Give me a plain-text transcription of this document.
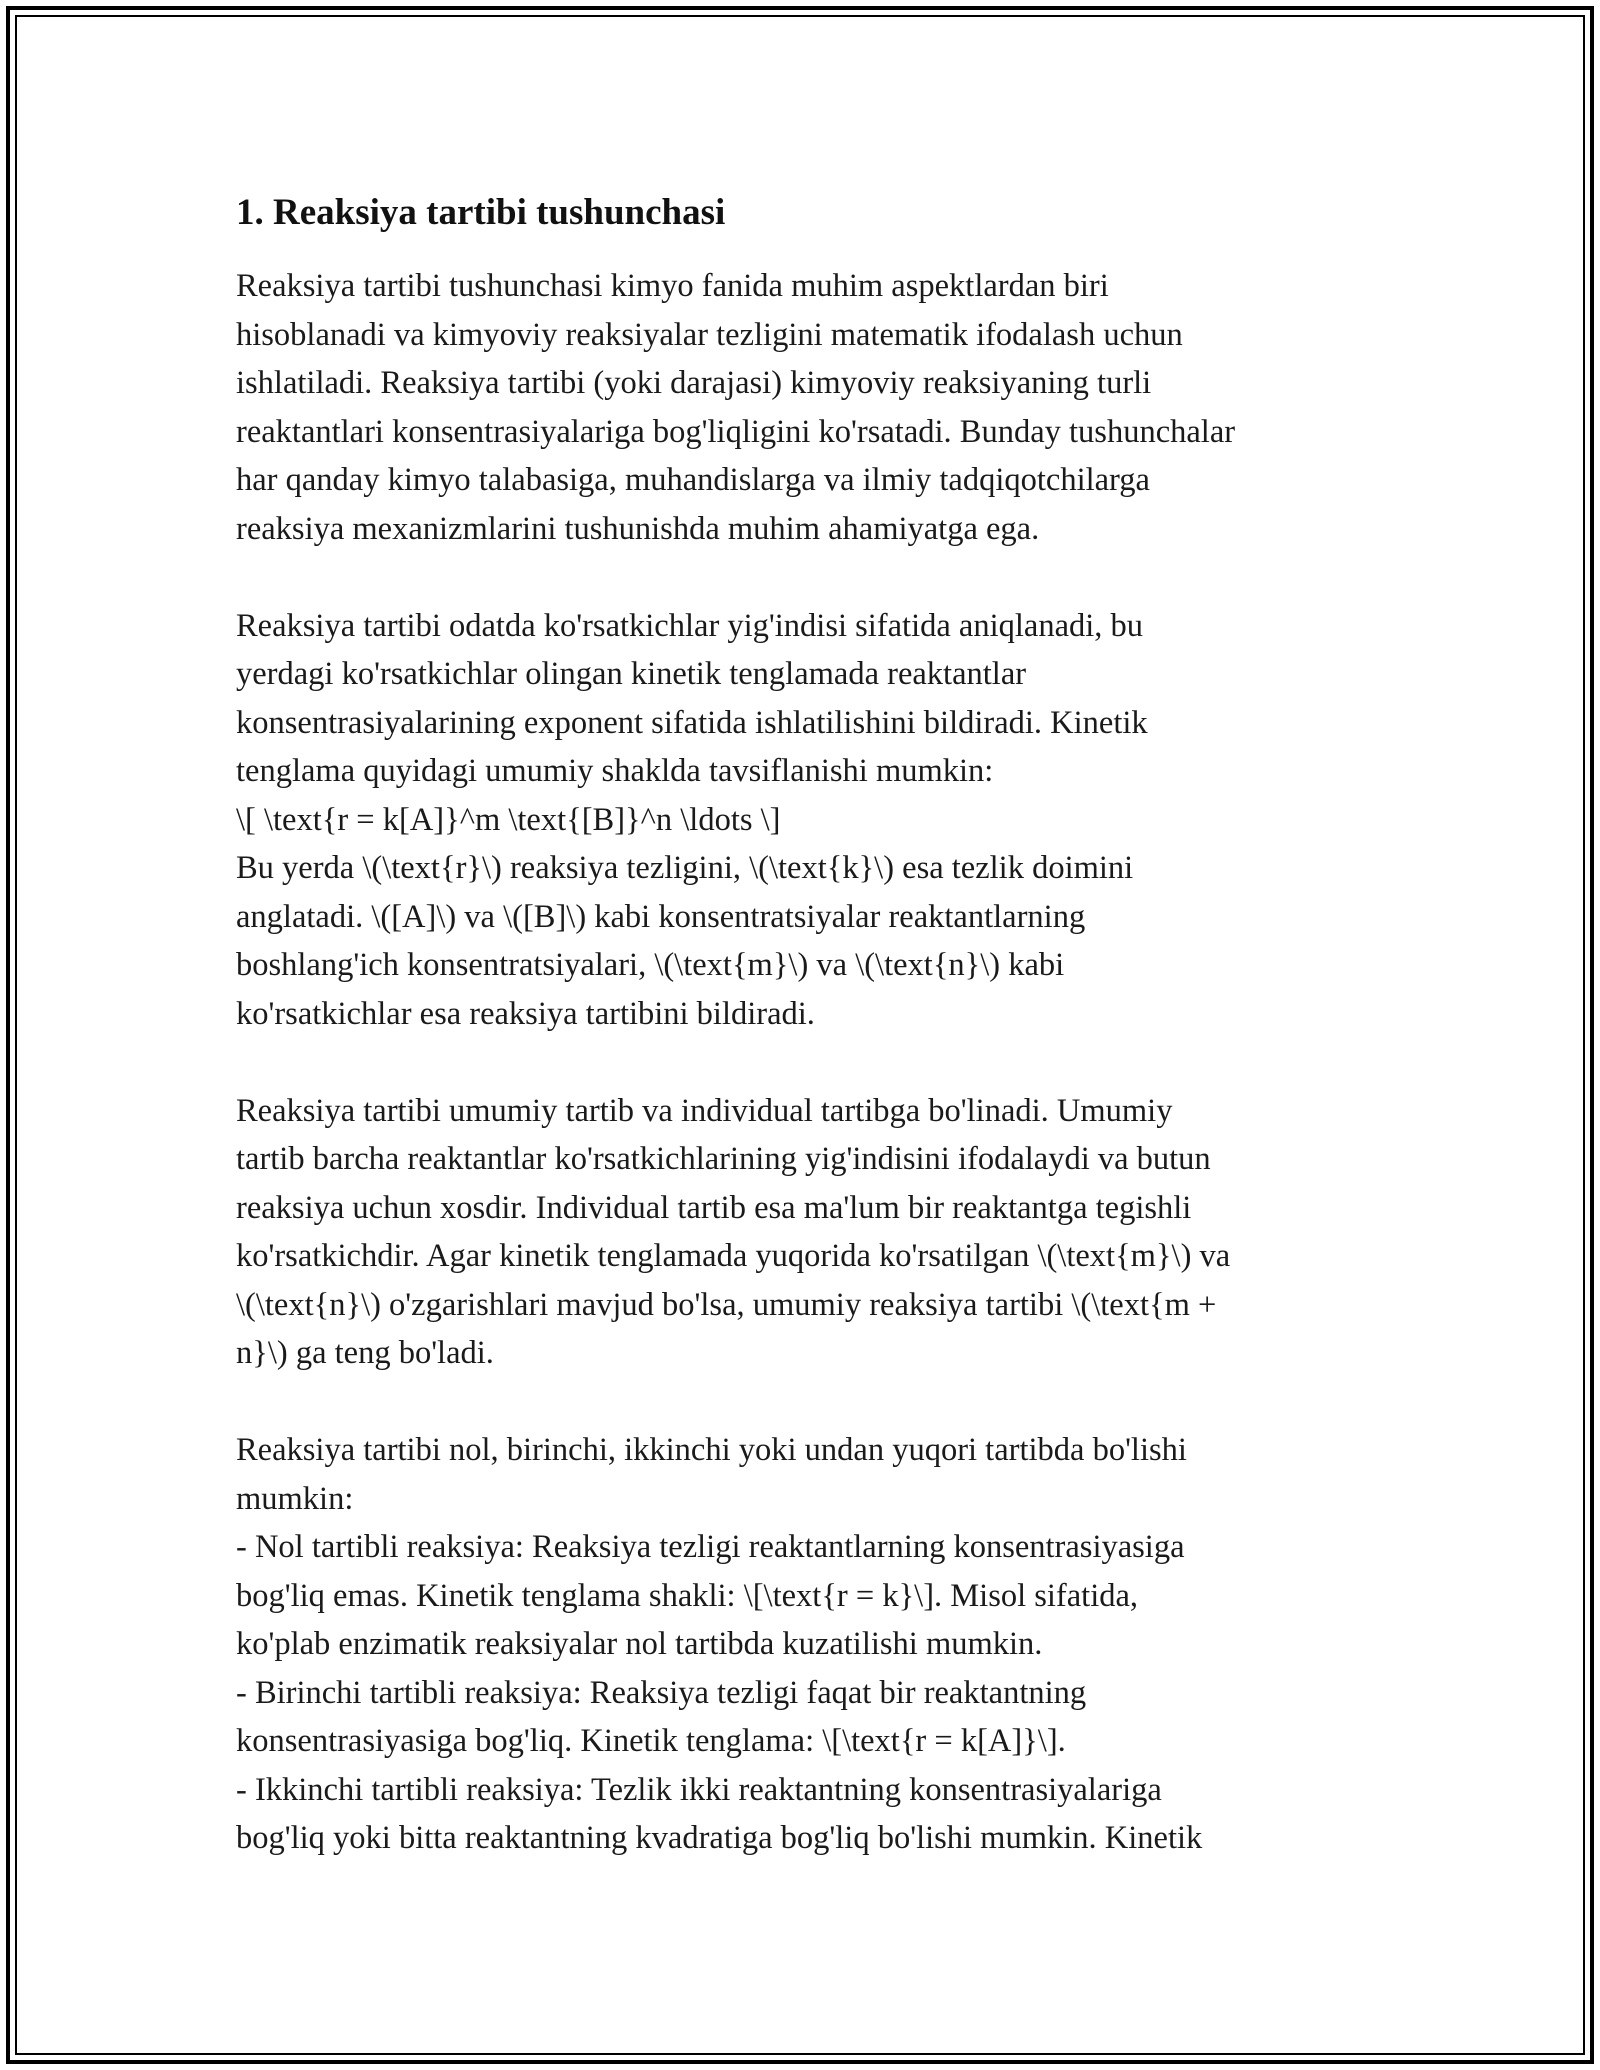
1. Reaksiya tartibi tushunchasi
Reaksiya tartibi tushunchasi kimyo fanida muhim aspektlardan biri
hisoblanadi va kimyoviy reaksiyalar tezligini matematik ifodalash uchun
ishlatiladi. Reaksiya tartibi (yoki darajasi) kimyoviy reaksiyaning turli
reaktantlari konsentrasiyalariga bog'liqligini ko'rsatadi. Bunday tushunchalar
har qanday kimyo talabasiga, muhandislarga va ilmiy tadqiqotchilarga
reaksiya mexanizmlarini tushunishda muhim ahamiyatga ega.
Reaksiya tartibi odatda ko'rsatkichlar yig'indisi sifatida aniqlanadi, bu
yerdagi ko'rsatkichlar olingan kinetik tenglamada reaktantlar
konsentrasiyalarining exponent sifatida ishlatilishini bildiradi. Kinetik
tenglama quyidagi umumiy shakldа tavsiflanishi mumkin:
\[ \text{r = k[A]}^m \text{[B]}^n \ldots \]
Bu yerda \(\text{r}\) reaksiya tezligini, \(\text{k}\) esa tezlik doimini
anglatadi. \([A]\) va \([B]\) kabi konsentratsiyalar reaktantlarning
boshlang'ich konsentratsiyalari, \(\text{m}\) va \(\text{n}\) kabi
ko'rsatkichlar esa reaksiya tartibini bildiradi.
Reaksiya tartibi umumiy tartib va individual tartibga bo'linadi. Umumiy
tartib barcha reaktantlar ko'rsatkichlarining yig'indisini ifodalaydi va butun
reaksiya uchun xosdir. Individual tartib esa ma'lum bir reaktantga tegishli
ko'rsatkichdir. Agar kinetik tenglamada yuqorida ko'rsatilgan \(\text{m}\) va
\(\text{n}\) o'zgarishlari mavjud bo'lsa, umumiy reaksiya tartibi \(\text{m +
n}\) ga teng bo'ladi.
Reaksiya tartibi nol, birinchi, ikkinchi yoki undan yuqori tartibda bo'lishi
mumkin:
- Nol tartibli reaksiya: Reaksiya tezligi reaktantlarning konsentrasiyasiga
bog'liq emas. Kinetik tenglama shakli: \[\text{r = k}\]. Misol sifatida,
ko'plab enzimatik reaksiyalar nol tartibda kuzatilishi mumkin.
- Birinchi tartibli reaksiya: Reaksiya tezligi faqat bir reaktantning
konsentrasiyasiga bog'liq. Kinetik tenglama: \[\text{r = k[A]}\].
- Ikkinchi tartibli reaksiya: Tezlik ikki reaktantning konsentrasiyalariga
bog'liq yoki bitta reaktantning kvadratiga bog'liq bo'lishi mumkin. Kinetik
